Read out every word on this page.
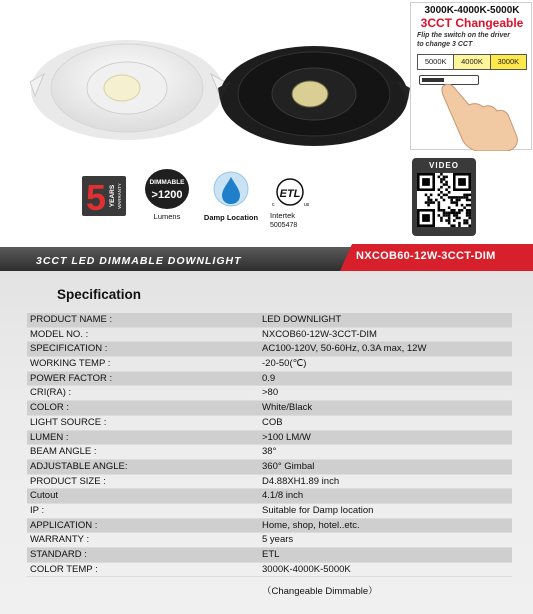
3000K-4000K-5000K
3CCT Changeable
Flip the switch on the driver
to change 3 CCT
5000K	4000K	3000K
5 YEARS WARRANTY
DIMMABLE
>1200
Lumens	Damp Location
ETL
c	us
Intertek
5005478
VIDEO
3CCT LED DIMMABLE DOWNLIGHT	NXCOB60-12W-3CCT-DIM
Specification
PRODUCT NAME :	LED DOWNLIGHT
MODEL NO. :	NXCOB60-12W-3CCT-DIM
SPECIFICATION :	AC100-120V, 50-60Hz, 0.3A max, 12W
WORKING TEMP :	-20-50(℃)
POWER FACTOR :	0.9
CRI(RA) :	>80
COLOR :	White/Black
LIGHT SOURCE :	COB
LUMEN :	>100 LM/W
BEAM ANGLE :	38°
ADJUSTABLE ANGLE:	360° Gimbal
PRODUCT SIZE :	D4.88XH1.89 inch
Cutout	4.1/8 inch
IP :	Suitable for Damp location
APPLICATION :	Home, shop, hotel..etc.
WARRANTY :	5 years
STANDARD :	ETL
COLOR TEMP :	3000K-4000K-5000K
（Changeable Dimmable）
